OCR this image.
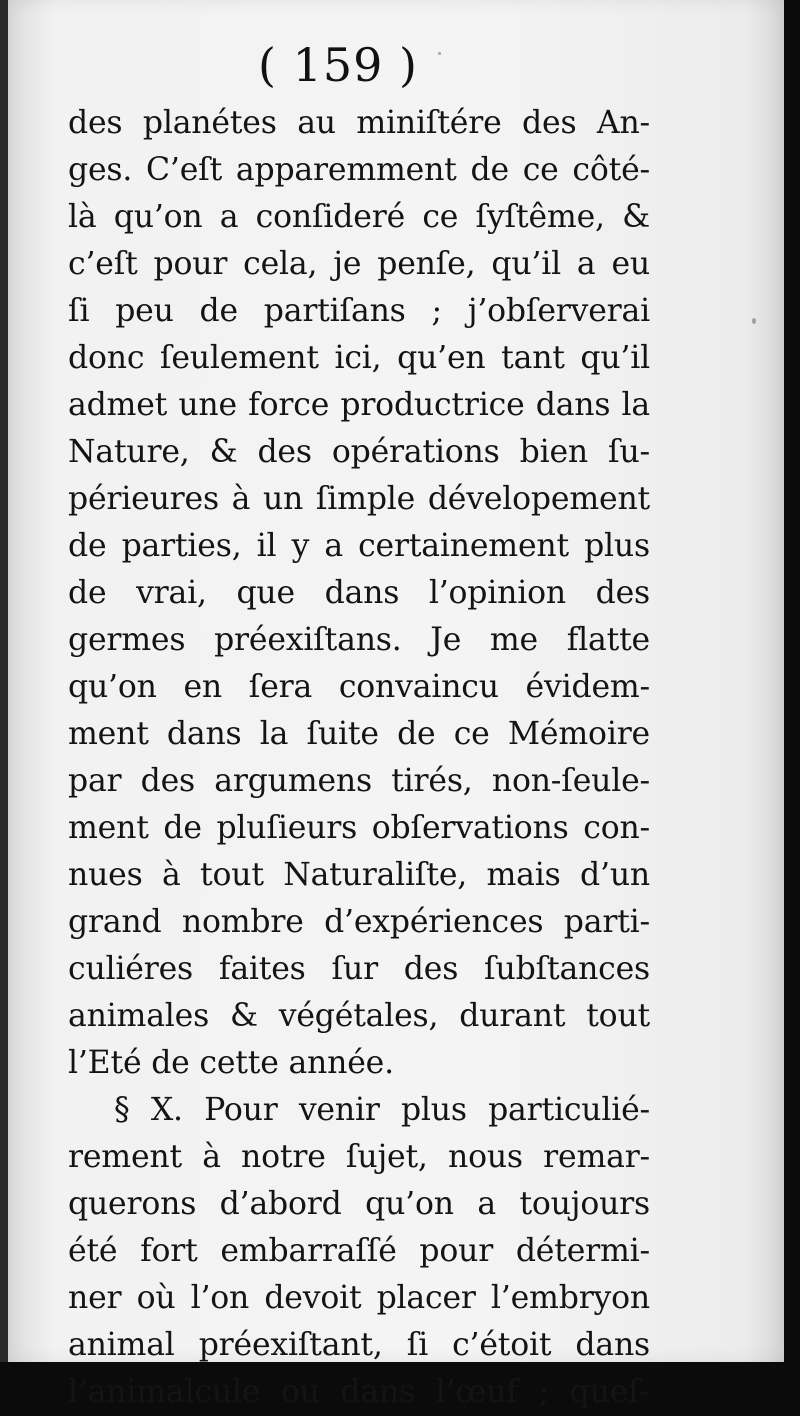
( 159 )
des planétes au miniſtére des An-
ges. C’eſt apparemment de ce côté-
là qu’on a conſideré ce ſyſtême, &
c’eſt pour cela, je penſe, qu’il a eu
ſi peu de partiſans ; j’obſerverai
donc ſeulement ici, qu’en tant qu’il
admet une force productrice dans la
Nature, & des opérations bien ſu-
périeures à un ſimple dévelopement
de parties, il y a certainement plus
de vrai, que dans l’opinion des
germes préexiſtans. Je me flatte
qu’on en ſera convaincu évidem-
ment dans la ſuite de ce Mémoire
par des argumens tirés, non-ſeule-
ment de pluſieurs obſervations con-
nues à tout Naturaliſte, mais d’un
grand nombre d’expériences parti-
culiéres faites ſur des ſubſtances
animales & végétales, durant tout
l’Eté de cette année.
§ X. Pour venir plus particulié-
rement à notre ſujet, nous remar-
querons d’abord qu’on a toujours
été fort embarraſſé pour détermi-
ner où l’on devoit placer l’embryon
animal préexiſtant, ſi c’étoit dans
l’animalcule ou dans l’œuf ; queſ-
